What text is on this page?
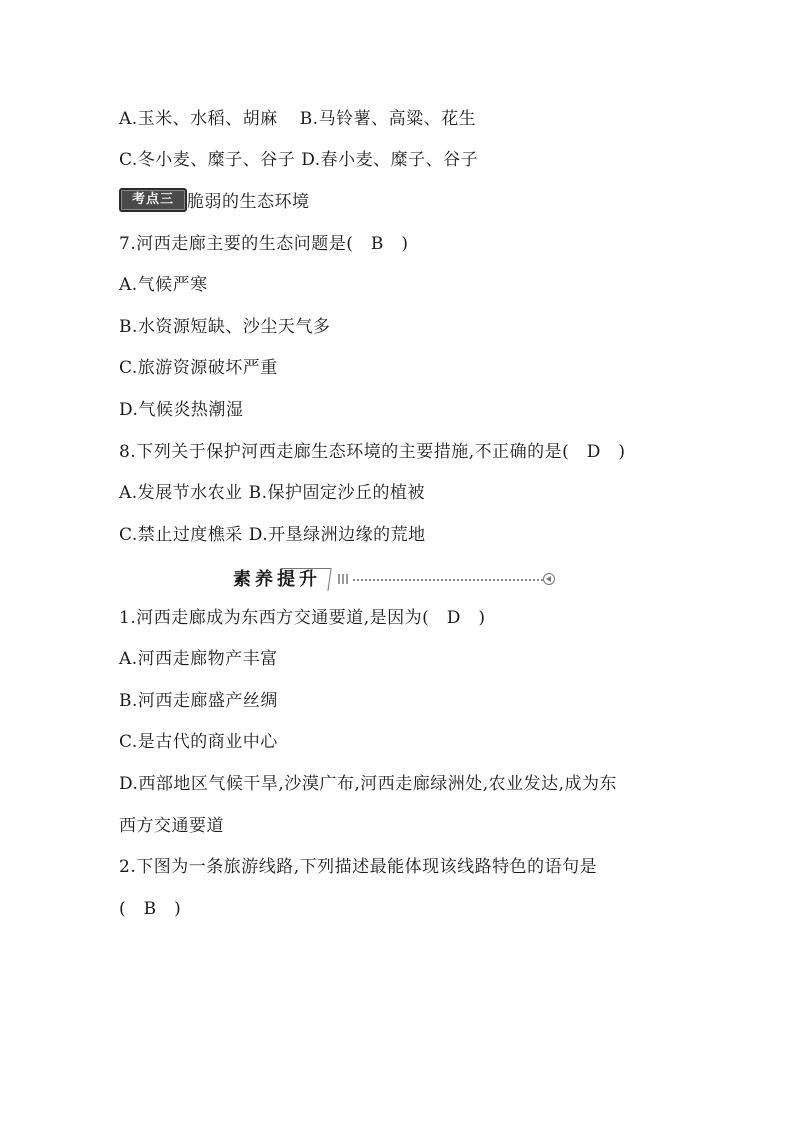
A.玉米、水稻、胡麻 B.马铃薯、高粱、花生
C.冬小麦、糜子、谷子 D.春小麦、糜子、谷子
考点三 脆弱的生态环境
7.河西走廊主要的生态问题是(　B　)
A.气候严寒
B.水资源短缺、沙尘天气多
C.旅游资源破坏严重
D.气候炎热潮湿
8.下列关于保护河西走廊生态环境的主要措施,不正确的是(　D　)
A.发展节水农业 B.保护固定沙丘的植被
C.禁止过度樵采 D.开垦绿洲边缘的荒地
素养提升
1.河西走廊成为东西方交通要道,是因为(　D　)
A.河西走廊物产丰富
B.河西走廊盛产丝绸
C.是古代的商业中心
D.西部地区气候干旱,沙漠广布,河西走廊绿洲处,农业发达,成为东
西方交通要道
2.下图为一条旅游线路,下列描述最能体现该线路特色的语句是
(　B　)
